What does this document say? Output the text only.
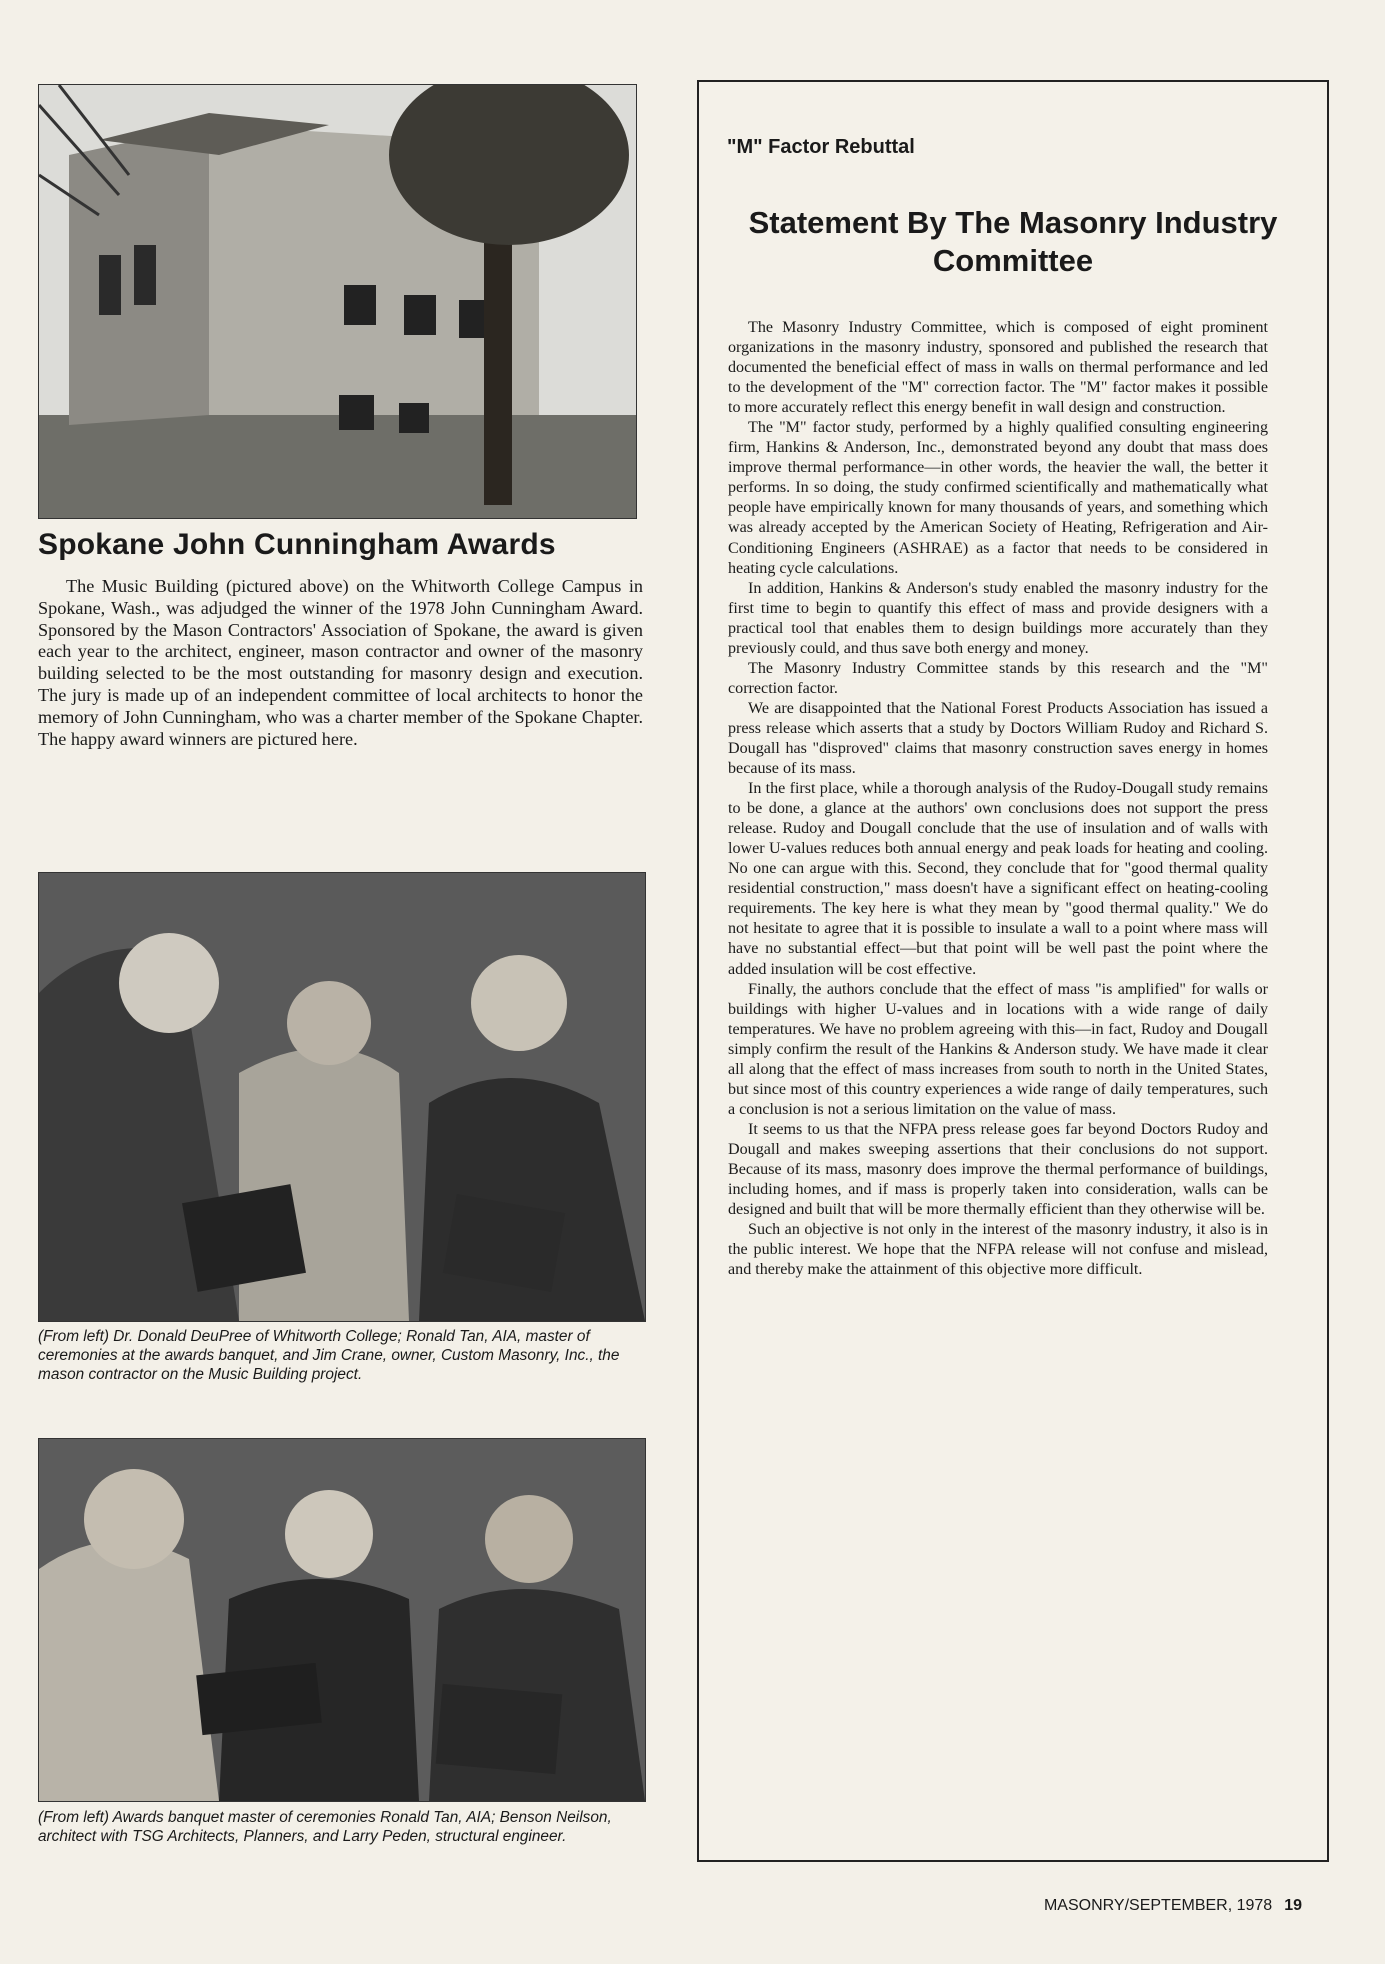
Spokane John Cunningham Awards

The Music Building (pictured above) on the Whitworth College Campus in Spokane, Wash., was adjudged the winner of the 1978 John Cunningham Award. Sponsored by the Mason Contractors' Association of Spokane, the award is given each year to the architect, engineer, mason contractor and owner of the masonry building selected to be the most outstanding for masonry design and execution. The jury is made up of an independent committee of local architects to honor the memory of John Cunningham, who was a charter member of the Spokane Chapter. The happy award winners are pictured here.

(From left) Dr. Donald DeuPree of Whitworth College; Ronald Tan, AIA, master of ceremonies at the awards banquet, and Jim Crane, owner, Custom Masonry, Inc., the mason contractor on the Music Building project.

(From left) Awards banquet master of ceremonies Ronald Tan, AIA; Benson Neilson, architect with TSG Architects, Planners, and Larry Peden, structural engineer.

"M" Factor Rebuttal
Statement By The Masonry Industry Committee

The Masonry Industry Committee, which is composed of eight prominent organizations in the masonry industry, sponsored and published the research that documented the beneficial effect of mass in walls on thermal performance and led to the development of the "M" correction factor. The "M" factor makes it possible to more accurately reflect this energy benefit in wall design and construction.

The "M" factor study, performed by a highly qualified consulting engineering firm, Hankins & Anderson, Inc., demonstrated beyond any doubt that mass does improve thermal performance—in other words, the heavier the wall, the better it performs. In so doing, the study confirmed scientifically and mathematically what people have empirically known for many thousands of years, and something which was already accepted by the American Society of Heating, Refrigeration and Air-Conditioning Engineers (ASHRAE) as a factor that needs to be considered in heating cycle calculations.

In addition, Hankins & Anderson's study enabled the masonry industry for the first time to begin to quantify this effect of mass and provide designers with a practical tool that enables them to design buildings more accurately than they previously could, and thus save both energy and money.

The Masonry Industry Committee stands by this research and the "M" correction factor.

We are disappointed that the National Forest Products Association has issued a press release which asserts that a study by Doctors William Rudoy and Richard S. Dougall has "disproved" claims that masonry construction saves energy in homes because of its mass.

In the first place, while a thorough analysis of the Rudoy-Dougall study remains to be done, a glance at the authors' own conclusions does not support the press release. Rudoy and Dougall conclude that the use of insulation and of walls with lower U-values reduces both annual energy and peak loads for heating and cooling. No one can argue with this. Second, they conclude that for "good thermal quality residential construction," mass doesn't have a significant effect on heating-cooling requirements. The key here is what they mean by "good thermal quality." We do not hesitate to agree that it is possible to insulate a wall to a point where mass will have no substantial effect—but that point will be well past the point where the added insulation will be cost effective.

Finally, the authors conclude that the effect of mass "is amplified" for walls or buildings with higher U-values and in locations with a wide range of daily temperatures. We have no problem agreeing with this—in fact, Rudoy and Dougall simply confirm the result of the Hankins & Anderson study. We have made it clear all along that the effect of mass increases from south to north in the United States, but since most of this country experiences a wide range of daily temperatures, such a conclusion is not a serious limitation on the value of mass.

It seems to us that the NFPA press release goes far beyond Doctors Rudoy and Dougall and makes sweeping assertions that their conclusions do not support. Because of its mass, masonry does improve the thermal performance of buildings, including homes, and if mass is properly taken into consideration, walls can be designed and built that will be more thermally efficient than they otherwise will be.

Such an objective is not only in the interest of the masonry industry, it also is in the public interest. We hope that the NFPA release will not confuse and mislead, and thereby make the attainment of this objective more difficult.

MASONRY/SEPTEMBER, 1978 19
